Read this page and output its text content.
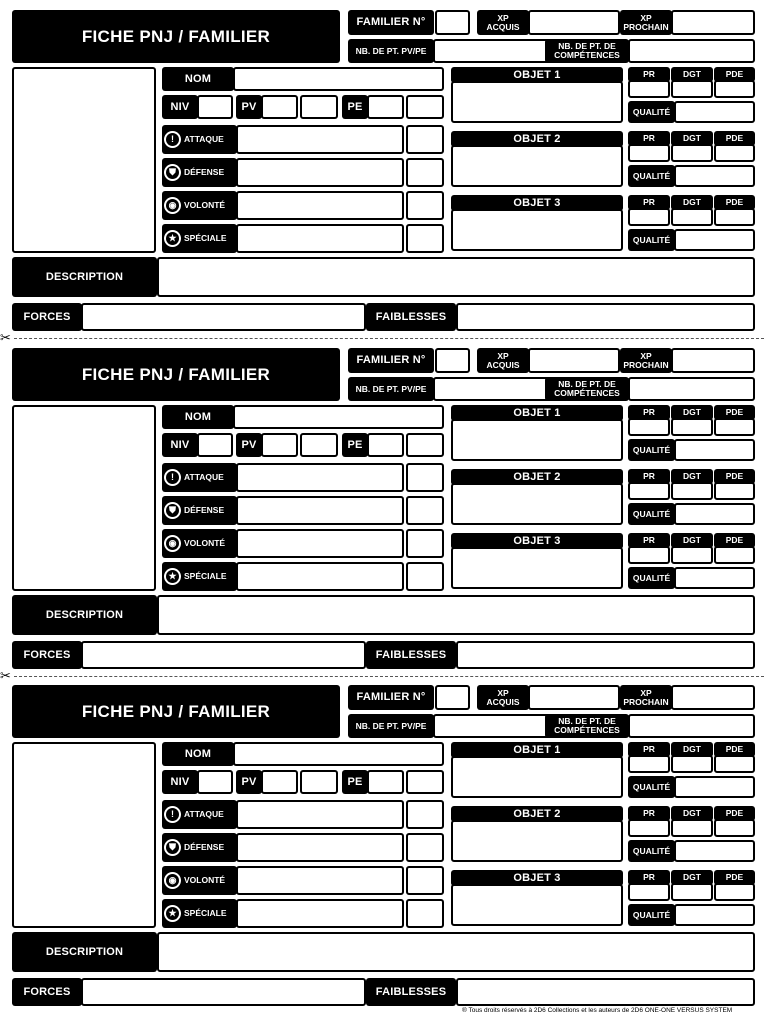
FICHE PNJ / FAMILIER
FAMILIER N°	XP
ACQUIS
XP
PROCHAIN
NB. DE PT. PV/PE	NB. DE PT. DE
COMPÉTENCES
NOM
NIV	PV	PE
!	ATTAQUE
⛊ DÉFENSE
◉ VOLONTÉ
★ SPÉCIALE
OBJET 1	PR	DGT	PDE
QUALITÉ
OBJET 2	PR	DGT	PDE
QUALITÉ
OBJET 3	PR	DGT	PDE
QUALITÉ
DESCRIPTION
FORCES	FAIBLESSES
FICHE PNJ / FAMILIER
FAMILIER N°	XP
ACQUIS
XP
PROCHAIN
NB. DE PT. PV/PE	NB. DE PT. DE
COMPÉTENCES
NOM
NIV	PV	PE
!	ATTAQUE
⛊ DÉFENSE
◉ VOLONTÉ
★ SPÉCIALE
OBJET 1	PR	DGT	PDE
QUALITÉ
OBJET 2	PR	DGT	PDE
QUALITÉ
OBJET 3	PR	DGT	PDE
QUALITÉ
DESCRIPTION
FORCES	FAIBLESSES
FICHE PNJ / FAMILIER
FAMILIER N°	XP
ACQUIS
XP
PROCHAIN
NB. DE PT. PV/PE	NB. DE PT. DE
COMPÉTENCES
NOM
NIV	PV	PE
!	ATTAQUE
⛊ DÉFENSE
◉ VOLONTÉ
★ SPÉCIALE
OBJET 1	PR	DGT	PDE
QUALITÉ
OBJET 2	PR	DGT	PDE
QUALITÉ
OBJET 3	PR	DGT	PDE
QUALITÉ
DESCRIPTION
FORCES	FAIBLESSES
® Tous droits réservés à 2D6 Collections et les auteurs de 2D6 ONE-ONE VERSUS SYSTEM
✂
✂
